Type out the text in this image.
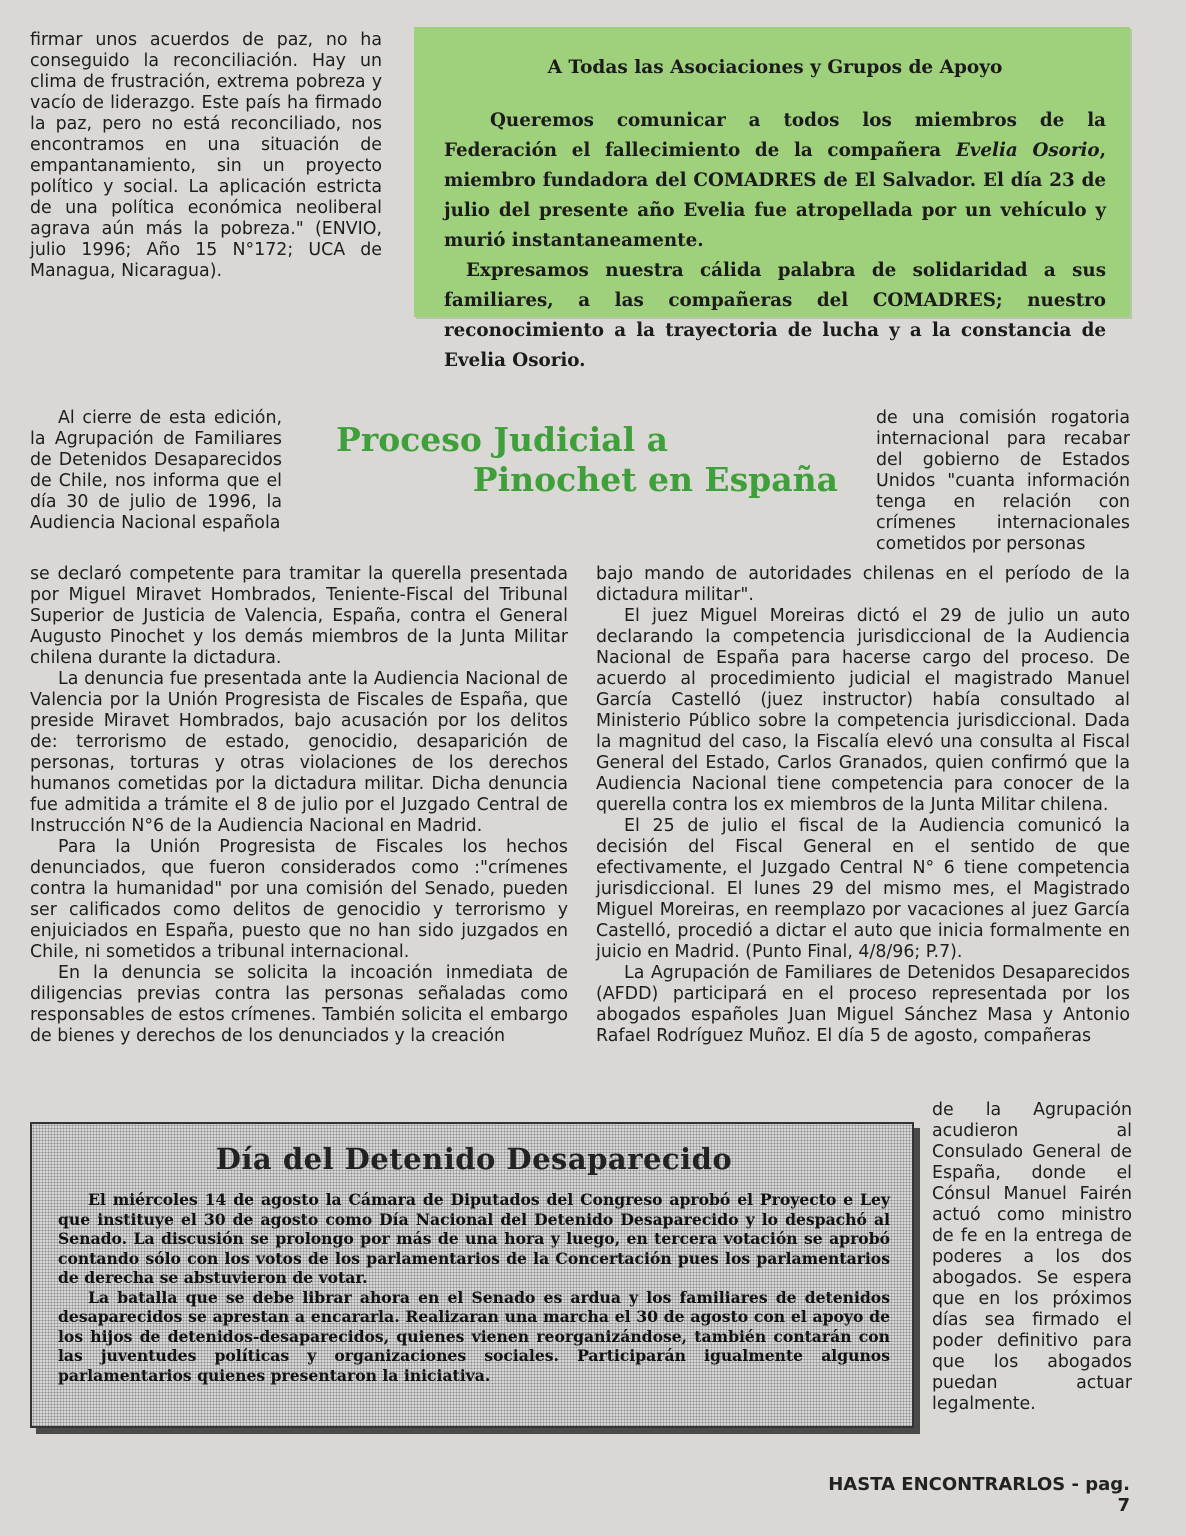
firmar unos acuerdos de paz, no ha conseguido la reconciliación. Hay un clima de frustración, extrema pobreza y vacío de liderazgo. Este país ha firmado la paz, pero no está reconciliado, nos encontramos en una situación de empantanamiento, sin un proyecto político y social. La aplicación estricta de una política económica neoliberal agrava aún más la pobreza." (ENVIO, julio 1996; Año 15 N°172; UCA de Managua, Nicaragua).
A Todas las Asociaciones y Grupos de Apoyo

Queremos comunicar a todos los miembros de la Federación el fallecimiento de la compañera Evelia Osorio, miembro fundadora del COMADRES de El Salvador. El día 23 de julio del presente año Evelia fue atropellada por un vehículo y murió instantaneamente.

Expresamos nuestra cálida palabra de solidaridad a sus familiares, a las compañeras del COMADRES; nuestro reconocimiento a la trayectoria de lucha y a la constancia de Evelia Osorio.

Proceso Judicial a
Pinochet en España

Al cierre de esta edición, la Agrupación de Familiares de Detenidos Desaparecidos de Chile, nos informa que el día 30 de julio de 1996, la Audiencia Nacional española

se declaró competente para tramitar la querella presentada por Miguel Miravet Hombrados, Teniente-Fiscal del Tribunal Superior de Justicia de Valencia, España, contra el General Augusto Pinochet y los demás miembros de la Junta Militar chilena durante la dictadura.

La denuncia fue presentada ante la Audiencia Nacional de Valencia por la Unión Progresista de Fiscales de España, que preside Miravet Hombrados, bajo acusación por los delitos de: terrorismo de estado, genocidio, desaparición de personas, torturas y otras violaciones de los derechos humanos cometidas por la dictadura militar. Dicha denuncia fue admitida a trámite el 8 de julio por el Juzgado Central de Instrucción N°6 de la Audiencia Nacional en Madrid.

Para la Unión Progresista de Fiscales los hechos denunciados, que fueron considerados como :"crímenes contra la humanidad" por una comisión del Senado, pueden ser calificados como delitos de genocidio y terrorismo y enjuiciados en España, puesto que no han sido juzgados en Chile, ni sometidos a tribunal internacional.

En la denuncia se solicita la incoación inmediata de diligencias previas contra las personas señaladas como responsables de estos crímenes. También solicita el embargo de bienes y derechos de los denunciados y la creación

de una comisión rogatoria internacional para recabar del gobierno de Estados Unidos "cuanta información tenga en relación con crímenes internacionales cometidos por personas

bajo mando de autoridades chilenas en el período de la dictadura militar".

El juez Miguel Moreiras dictó el 29 de julio un auto declarando la competencia jurisdiccional de la Audiencia Nacional de España para hacerse cargo del proceso. De acuerdo al procedimiento judicial el magistrado Manuel García Castelló (juez instructor) había consultado al Ministerio Público sobre la competencia jurisdiccional. Dada la magnitud del caso, la Fiscalía elevó una consulta al Fiscal General del Estado, Carlos Granados, quien confirmó que la Audiencia Nacional tiene competencia para conocer de la querella contra los ex miembros de la Junta Militar chilena.

El 25 de julio el fiscal de la Audiencia comunicó la decisión del Fiscal General en el sentido de que efectivamente, el Juzgado Central N° 6 tiene competencia jurisdiccional. El lunes 29 del mismo mes, el Magistrado Miguel Moreiras, en reemplazo por vacaciones al juez García Castelló, procedió a dictar el auto que inicia formalmente en juicio en Madrid. (Punto Final, 4/8/96; P.7).

La Agrupación de Familiares de Detenidos Desaparecidos (AFDD) participará en el proceso representada por los abogados españoles Juan Miguel Sánchez Masa y Antonio Rafael Rodríguez Muñoz. El día 5 de agosto, compañeras

de la Agrupación acudieron al Consulado General de España, donde el Cónsul Manuel Fairén actuó como ministro de fe en la entrega de poderes a los dos abogados. Se espera que en los próximos días sea firmado el poder definitivo para que los abogados puedan actuar legalmente.

Día del Detenido Desaparecido

El miércoles 14 de agosto la Cámara de Diputados del Congreso aprobó el Proyecto e Ley que instituye el 30 de agosto como Día Nacional del Detenido Desaparecido y lo despachó al Senado. La discusión se prolongo por más de una hora y luego, en tercera votación se aprobó contando sólo con los votos de los parlamentarios de la Concertación pues los parlamentarios de derecha se abstuvieron de votar.

La batalla que se debe librar ahora en el Senado es ardua y los familiares de detenidos desaparecidos se aprestan a encararla. Realizaran una marcha el 30 de agosto con el apoyo de los hijos de detenidos-desaparecidos, quienes vienen reorganizándose, también contarán con las juventudes políticas y organizaciones sociales. Participarán igualmente algunos parlamentarios quienes presentaron la iniciativa.

HASTA ENCONTRARLOS - pag. 7
